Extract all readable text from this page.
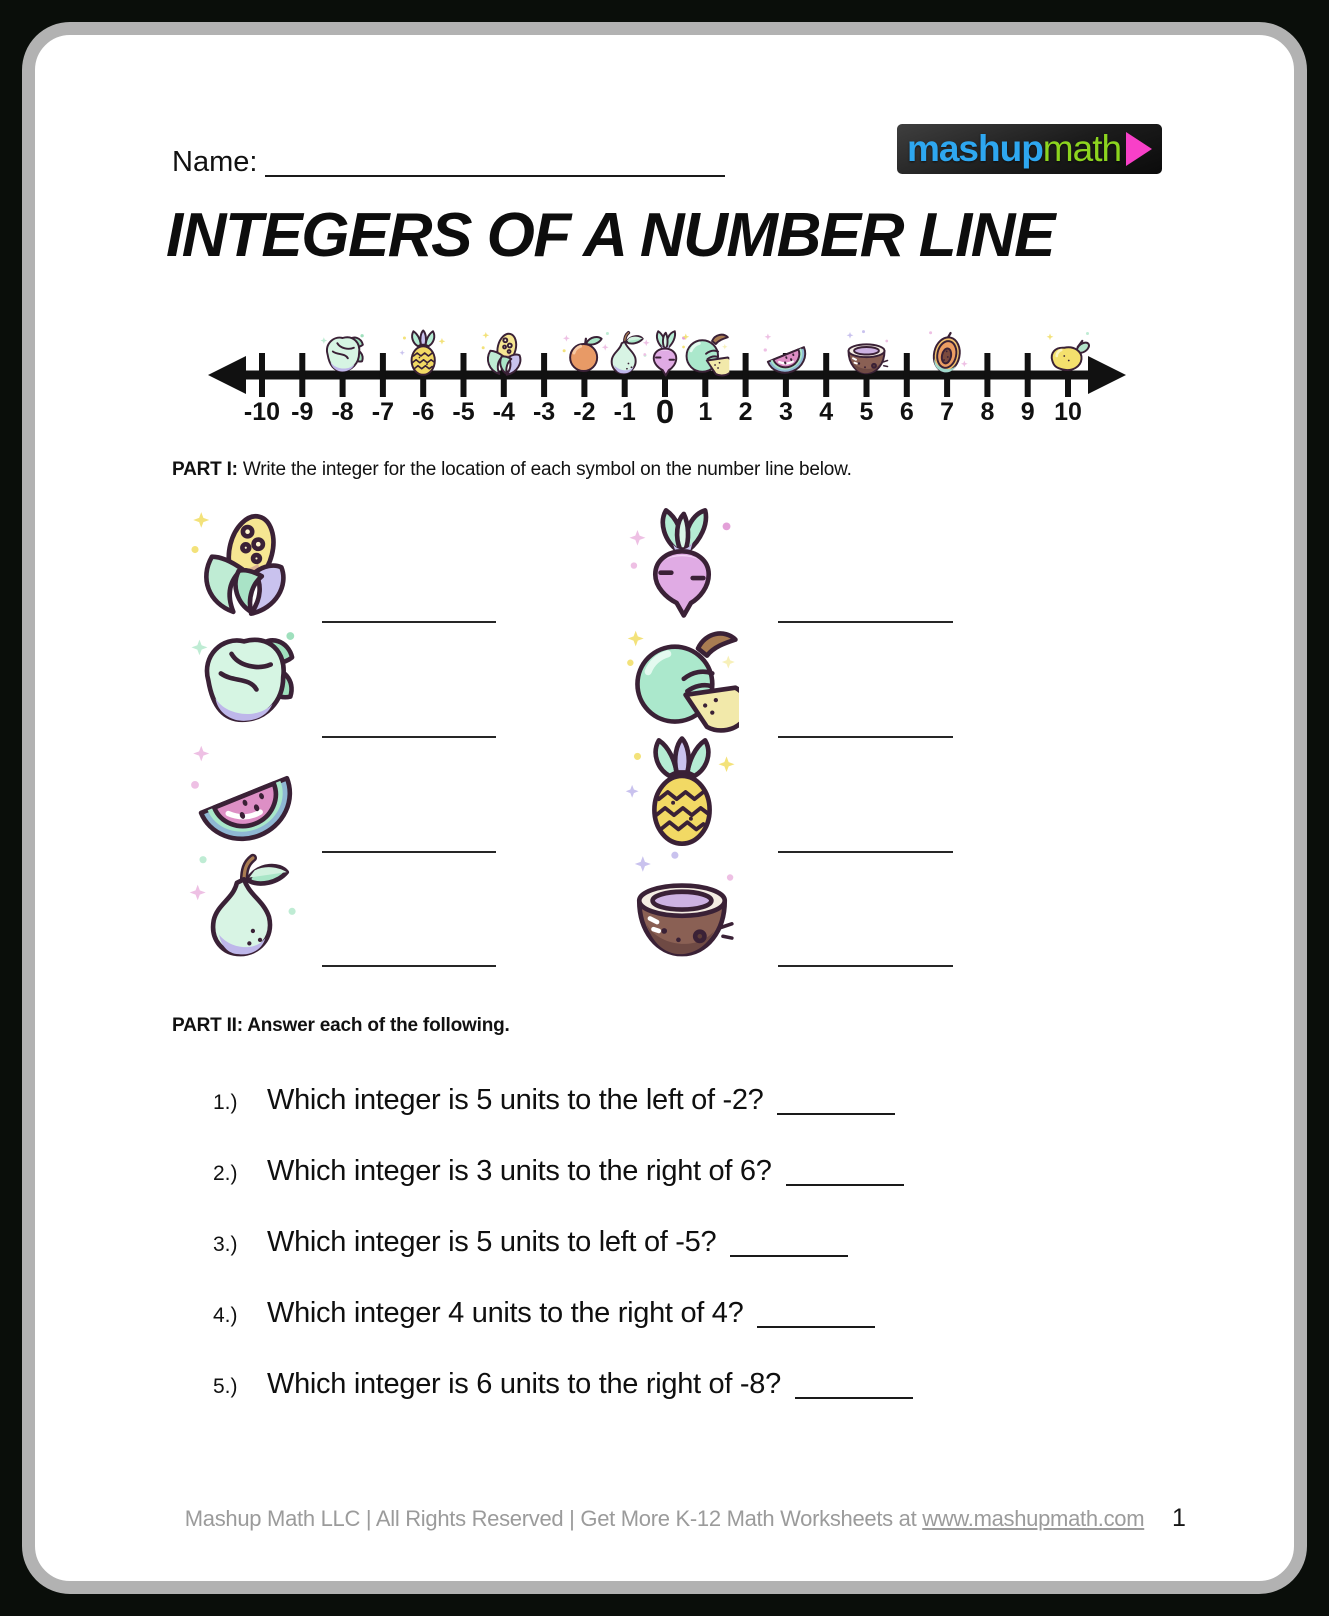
Name:	mashup math
INTEGERS OF A NUMBER LINE
-10 -9 -8 -7 -6 -5 -4 -3 -2 -1 0 1 2 3 4 5 6 7 8 9 10
PART I: Write the integer for the location of each symbol on the number line below.
PART II: Answer each of the following.
1.)	Which integer is 5 units to the left of -2?
2.)	Which integer is 3 units to the right of 6?
3.)	Which integer is 5 units to left of -5?
4.)	Which integer 4 units to the right of 4?
5.)	Which integer is 6 units to the right of -8?
Mashup Math LLC | All Rights Reserved | Get More K-12 Math Worksheets at www.mashupmath.com	1
